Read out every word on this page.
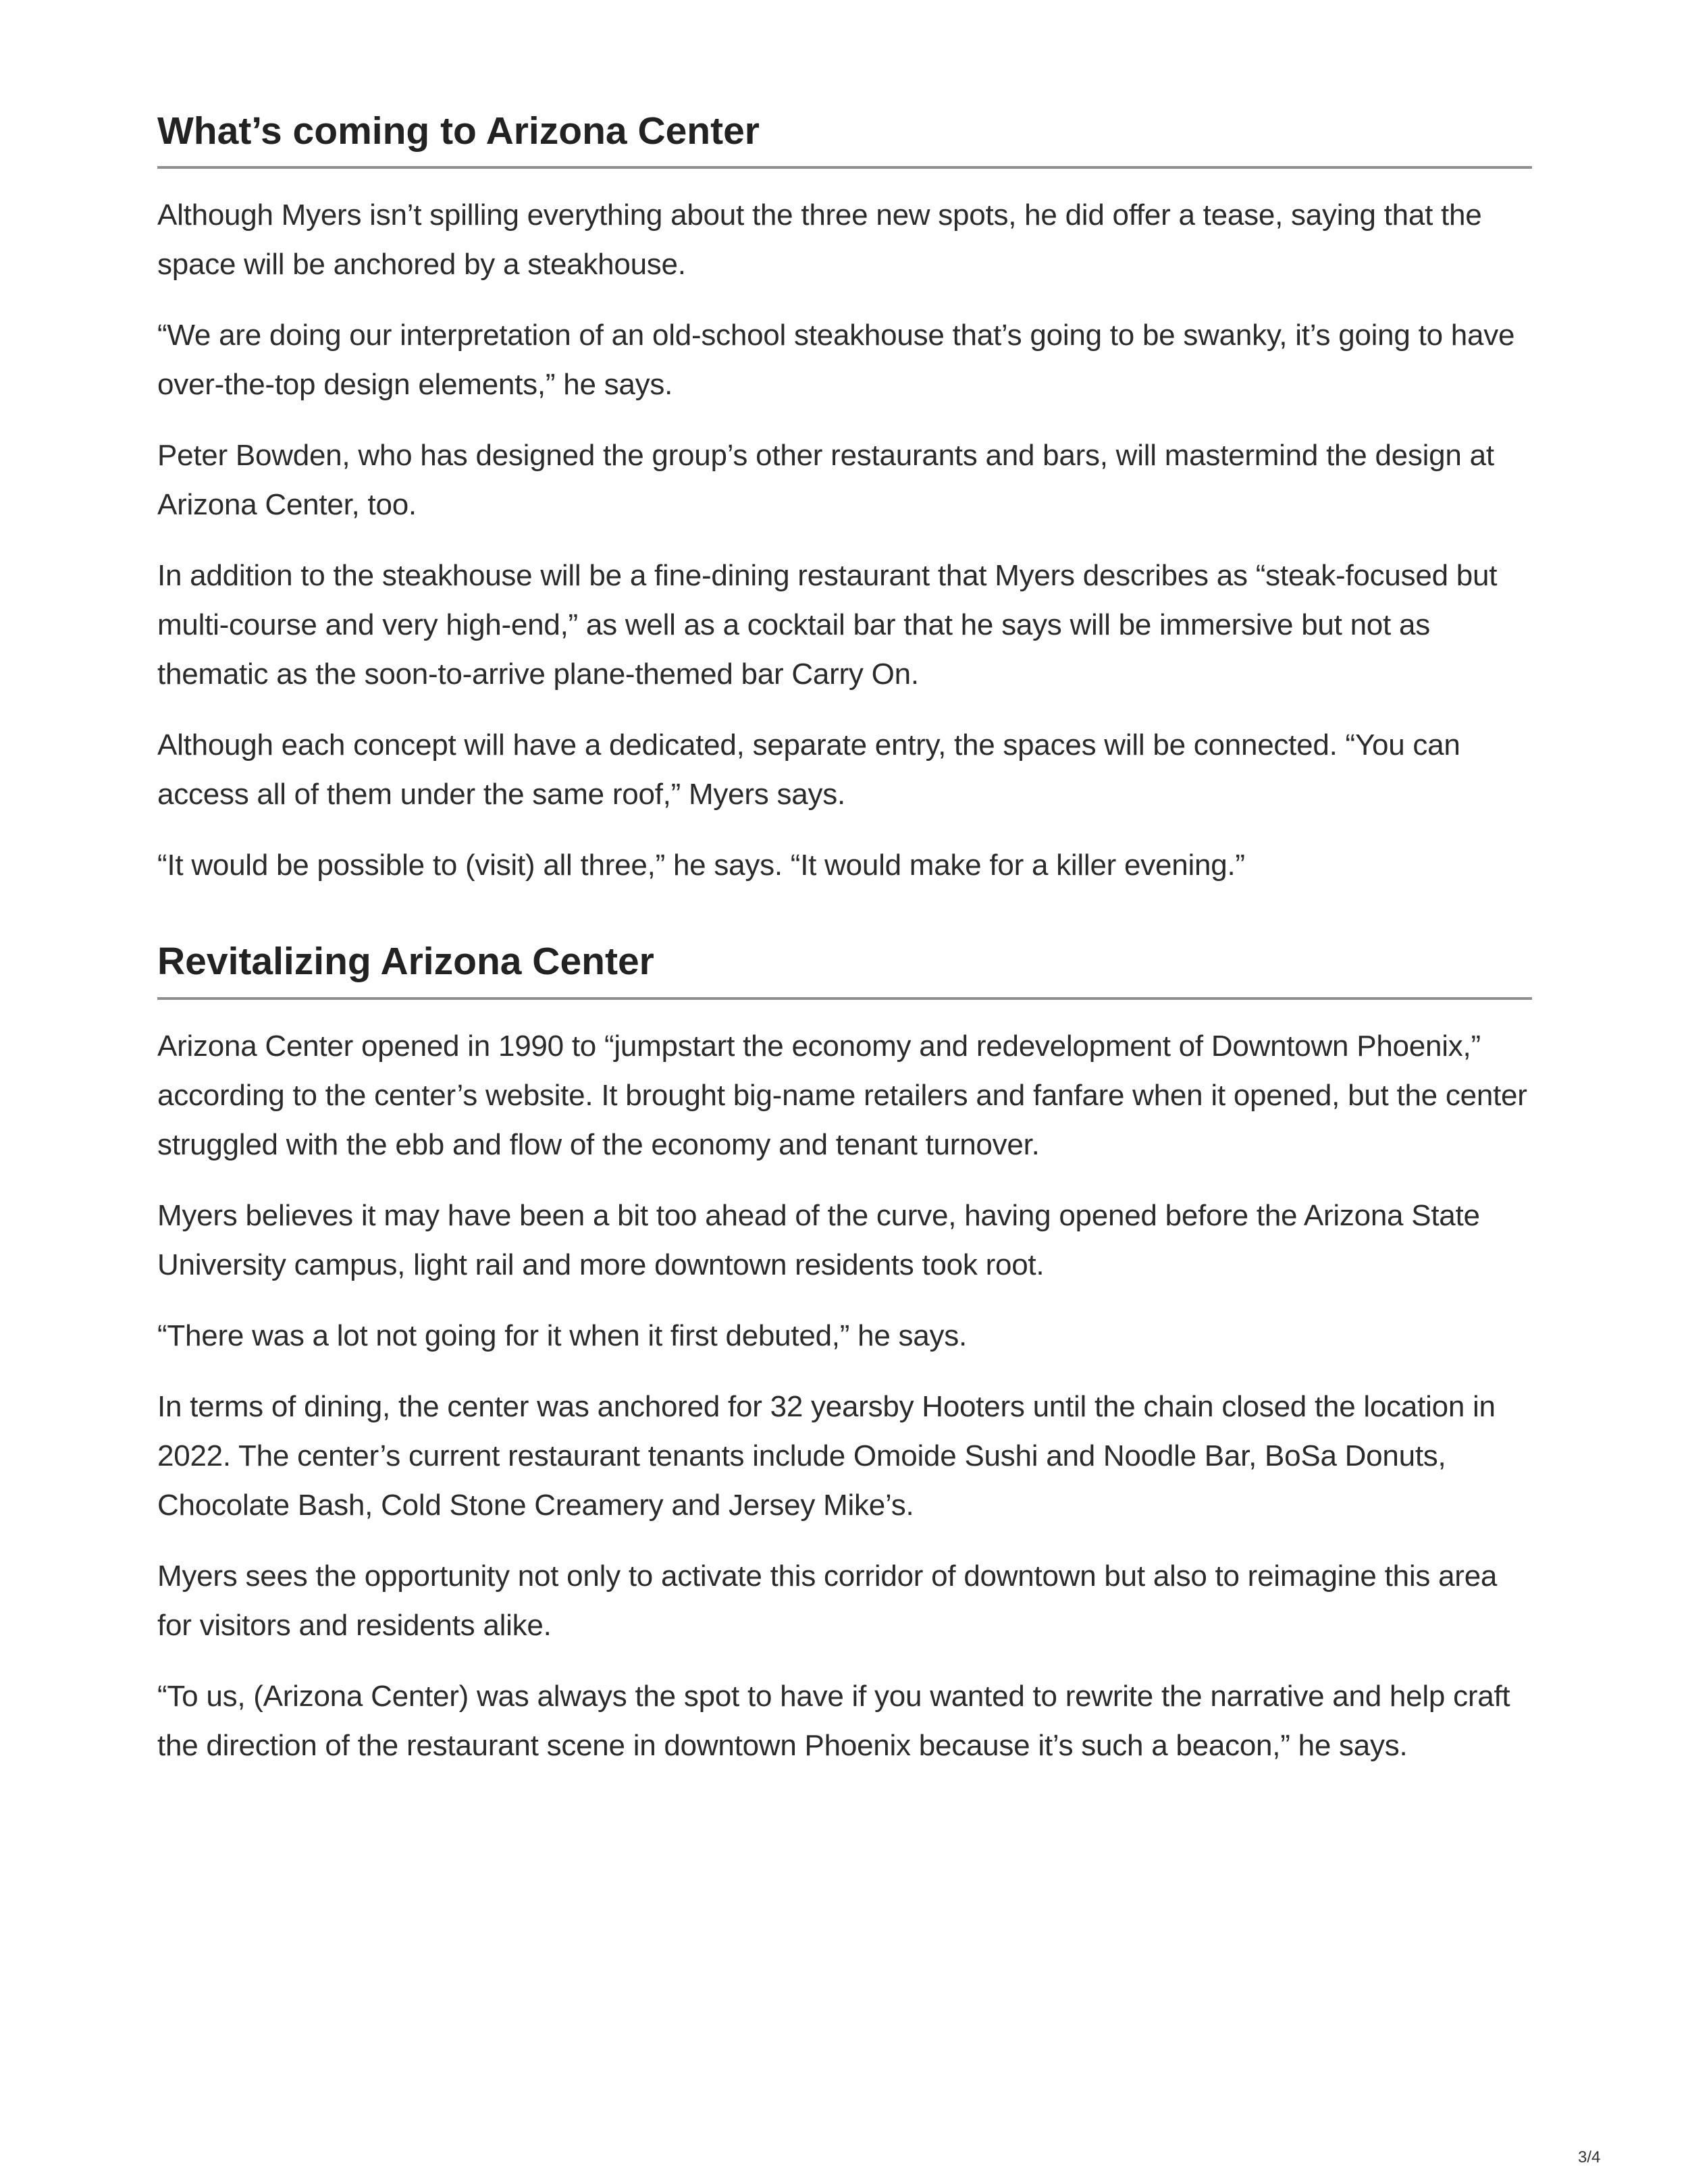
What’s coming to Arizona Center

Although Myers isn’t spilling everything about the three new spots, he did offer a tease, saying that the space will be anchored by a steakhouse.

“We are doing our interpretation of an old-school steakhouse that’s going to be swanky, it’s going to have over-the-top design elements,” he says.

Peter Bowden, who has designed the group’s other restaurants and bars, will mastermind the design at Arizona Center, too.

In addition to the steakhouse will be a fine-dining restaurant that Myers describes as “steak-focused but multi-course and very high-end,” as well as a cocktail bar that he says will be immersive but not as thematic as the soon-to-arrive plane-themed bar Carry On.

Although each concept will have a dedicated, separate entry, the spaces will be connected. “You can access all of them under the same roof,” Myers says.

“It would be possible to (visit) all three,” he says. “It would make for a killer evening.”

Revitalizing Arizona Center

Arizona Center opened in 1990 to “jumpstart the economy and redevelopment of Downtown Phoenix,” according to the center’s website. It brought big-name retailers and fanfare when it opened, but the center struggled with the ebb and flow of the economy and tenant turnover.

Myers believes it may have been a bit too ahead of the curve, having opened before the Arizona State University campus, light rail and more downtown residents took root.

“There was a lot not going for it when it first debuted,” he says.

In terms of dining, the center was anchored for 32 yearsby Hooters until the chain closed the location in 2022. The center’s current restaurant tenants include Omoide Sushi and Noodle Bar, BoSa Donuts, Chocolate Bash, Cold Stone Creamery and Jersey Mike’s.

Myers sees the opportunity not only to activate this corridor of downtown but also to reimagine this area for visitors and residents alike.

“To us, (Arizona Center) was always the spot to have if you wanted to rewrite the narrative and help craft the direction of the restaurant scene in downtown Phoenix because it’s such a beacon,” he says.

3/4
